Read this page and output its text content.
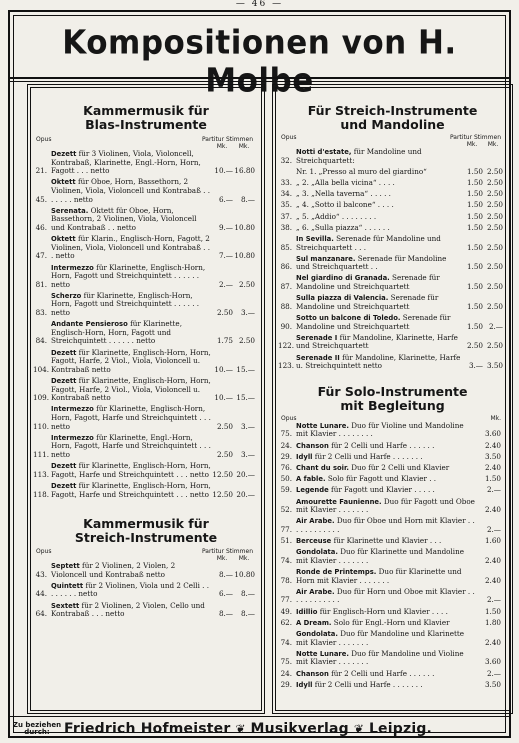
— 46 —
Kompositionen von H. Molbe
Kammermusik für
Blas-Instrumente
Opus	Partitur Stimmen
Mk.	Mk.
21.
Dezett für 3 Violinen, Viola, Violoncell, Kontrabaß, Klarinette, Engl.-Horn, Horn, Fagott . . . netto	10.— 16.80
45.
Oktett für Oboe, Horn, Bassethorn, 2 Violinen, Viola, Violoncell und Kontrabaß . . . . . . . netto	6.—	8.—
46.
Serenata. Oktett für Oboe, Horn, Bassethorn, 2 Violinen, Viola, Violoncell und Kontrabaß . . netto	9.— 10.80
47.
Oktett für Klarin., Englisch-Horn, Fagott, 2 Violinen, Viola, Violoncell und Kontrabaß . . . netto	7.— 10.80
81.
Intermezzo für Klarinette, Englisch-Horn, Horn, Fagott und Streichquintett . . . . . . netto	2.— 2.50
83.
Scherzo für Klarinette, Englisch-Horn, Horn, Fagott und Streichquintett . . . . . . netto	2.50	3.—
84.
Andante Pensieroso für Klarinette, Englisch-Horn, Horn, Fagott und Streichquintett . . . . . . netto	1.75 2.50
104.
Dezett für Klarinette, Englisch-Horn, Horn, Fagott, Harfe, 2 Viol., Viola, Violoncell u. Kontrabaß netto	10.— 15.—
109.
Dezett für Klarinette, Englisch-Horn, Horn, Fagott, Harfe, 2 Viol., Viola, Violoncell u. Kontrabaß netto	10.— 15.—
110.
Intermezzo für Klarinette, Englisch-Horn, Horn, Fagott, Harfe und Streichquintett . . . netto	2.50	3.—
111.
Intermezzo für Klarinette, Engl.-Horn, Horn, Fagott, Harfe und Streichquintett . . . netto	2.50	3.—
113.
Dezett für Klarinette, Englisch-Horn, Horn, Fagott, Harfe und Streichquintett . . . netto 12.50 20.—
118.
Dezett für Klarinette, Englisch-Horn, Horn, Fagott, Harfe und Streichquintett . . . netto 12.50 20.—
Kammermusik für
Streich-Instrumente
Opus	Partitur Stimmen
Mk.	Mk.
43.
Septett für 2 Violinen, 2 Violen, 2 Violoncell und Kontrabaß netto	8.— 10.80
44.
Quintett für 2 Violinen, Viola und 2 Celli . . . . . . . . netto	6.—	8.—
64.
Sextett für 2 Violinen, 2 Violen, Cello und Kontrabaß . . . netto	8.—	8.—
Für Streich-Instrumente
und Mandoline
Opus	Partitur Stimmen
Mk.	Mk.
32.
Notti d'estate, für Mandoline und Streichquartett:
Nr. 1. „Presso al muro del giardino“	1.50 2.50
33. „ 2. „Alla bella vicina“ . . . .	1.50 2.50
34. „ 3. „Nella taverna“ . . . . .	1.50 2.50
35. „ 4. „Sotto il balcone“ . . . .	1.50 2.50
37. „ 5. „Addio“ . . . . . . . .	1.50 2.50
38. „ 6. „Sulla piazza“ . . . . . .	1.50 2.50
85.
In Sevilla. Serenade für Mandoline und Streichquartett . . .	1.50 2.50
86.
Sul manzanare. Serenade für Mandoline und Streichquartett . .	1.50 2.50
87.
Nel giardino di Granada. Serenade für Mandoline und Streichquartett	1.50 2.50
88.
Sulla piazza di Valencia. Serenade für Mandoline und Streichquartett	1.50 2.50
90.
Sotto un balcone di Toledo. Serenade für Mandoline und Streichquartett	1.50 2.—
122.
Serenade I für Mandoline, Klarinette, Harfe und Streichquartett	2.50 2.50
123.
Serenade II für Mandoline, Klarinette, Harfe u. Streichquintett netto	3.— 3.50
Für Solo-Instrumente
mit Begleitung
Opus	Mk.
75.
Notte Lunare. Duo für Violine und Mandoline mit Klavier . . . . . . . .	3.60
24. Chanson für 2 Celli und Harfe . . . . . .	2.40
29. Idyll für 2 Celli und Harfe . . . . . . .	3.50
76. Chant du soir. Duo für 2 Celli und Klavier	2.40
50. A fable. Solo für Fagott und Klavier . .	1.50
59. Legende für Fagott und Klavier . . . . .	2.—
52.
Amourette Faunienne. Duo für Fagott und Oboe mit Klavier . . . . . . .	2.40
77.
Air Arabe. Duo für Oboe und Horn mit Klavier . . . . . . . . . . . .	2.—
51. Berceuse für Klarinette und Klavier . . .	1.60
74.
Gondolata. Duo für Klarinette und Mandoline mit Klavier . . . . . . .	2.40
78.
Ronde de Printemps. Duo für Klarinette und Horn mit Klavier . . . . . . .	2.40
77.
Air Arabe. Duo für Horn und Oboe mit Klavier . . . . . . . . . . . .	2.—
49. Idillio für Englisch-Horn und Klavier . . . .	1.50
62. A Dream. Solo für Engl.-Horn und Klavier	1.80
74.
Gondolata. Duo für Mandoline und Klarinette mit Klavier . . . . . . .	2.40
75.
Notte Lunare. Duo für Mandoline und Violine mit Klavier . . . . . . .	3.60
24. Chanson für 2 Celli und Harfe . . . . . .	2.—
29. Idyll für 2 Celli und Harfe . . . . . . .	3.50
Zu beziehen
durch:	Friedrich Hofmeister ❦ Musikverlag ❦ Leipzig.
